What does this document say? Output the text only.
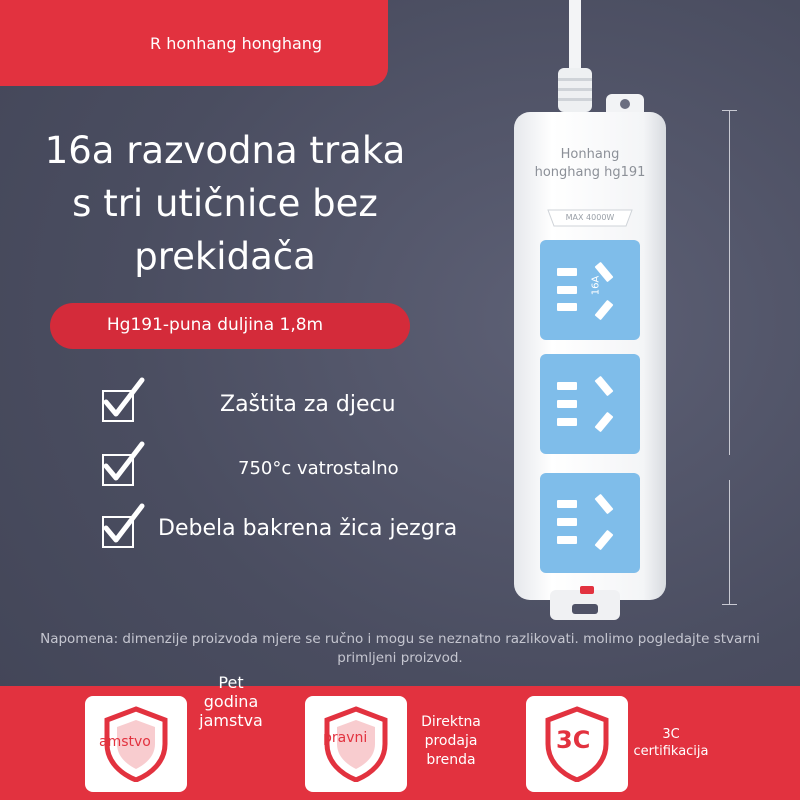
R honhang honghang
16a razvodna traka
s tri utičnice bez
prekidača
Hg191-puna duljina 1,8m
Zaštita za djecu
750°c vatrostalno
Debela bakrena žica jezgra
Honhang
honghang hg191
MAX 4000W
16A
Napomena: dimenzije proizvoda mjere se ručno i mogu se neznatno razlikovati. molimo pogledajte stvarni primljeni proizvod.
amstvo
Pet
godina
jamstva
pravni
Direktna
prodaja
brenda
3C	3C
certifikacija
